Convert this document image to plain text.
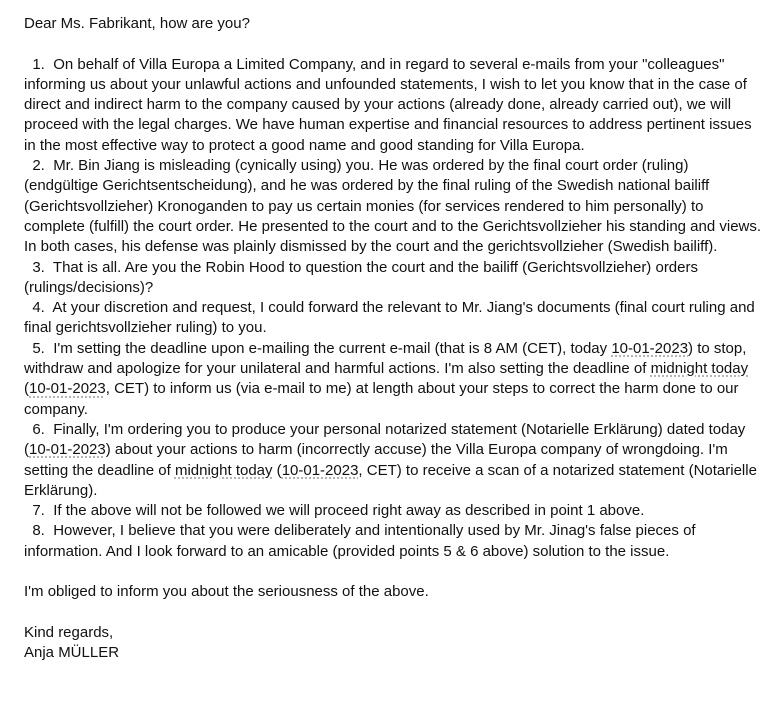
Dear Ms. Fabrikant, how are you?

1.  On behalf of Villa Europa a Limited Company, and in regard to several e-mails from your "colleagues" informing us about your unlawful actions and unfounded statements, I wish to let you know that in the case of direct and indirect harm to the company caused by your actions (already done, already carried out), we will proceed with the legal charges. We have human expertise and financial resources to address pertinent issues in the most effective way to protect a good name and good standing for Villa Europa.

2.  Mr. Bin Jiang is misleading (cynically using) you. He was ordered by the final court order (ruling) (endgültige Gerichtsentscheidung), and he was ordered by the final ruling of the Swedish national bailiff (Gerichtsvollzieher) Kronoganden to pay us certain monies (for services rendered to him personally) to complete (fulfill) the court order. He presented to the court and to the Gerichtsvollzieher his standing and views. In both cases, his defense was plainly dismissed by the court and the gerichtsvollzieher (Swedish bailiff).

3.  That is all. Are you the Robin Hood to question the court and the bailiff (Gerichtsvollzieher) orders (rulings/decisions)?

4.  At your discretion and request, I could forward the relevant to Mr. Jiang's documents (final court ruling and final gerichtsvollzieher ruling) to you.

5.  I'm setting the deadline upon e-mailing the current e-mail (that is 8 AM (CET), today 10-01-2023) to stop, withdraw and apologize for your unilateral and harmful actions. I'm also setting the deadline of midnight today (10-01-2023, CET) to inform us (via e-mail to me) at length about your steps to correct the harm done to our company.

6.  Finally, I'm ordering you to produce your personal notarized statement (Notarielle Erklärung) dated today (10-01-2023) about your actions to harm (incorrectly accuse) the Villa Europa company of wrongdoing. I'm setting the deadline of midnight today (10-01-2023, CET) to receive a scan of a notarized statement (Notarielle Erklärung).

7.  If the above will not be followed we will proceed right away as described in point 1 above.

8.  However, I believe that you were deliberately and intentionally used by Mr. Jinag's false pieces of information. And I look forward to an amicable (provided points 5 & 6 above) solution to the issue.

I'm obliged to inform you about the seriousness of the above.

Kind regards,

Anja MÜLLER
